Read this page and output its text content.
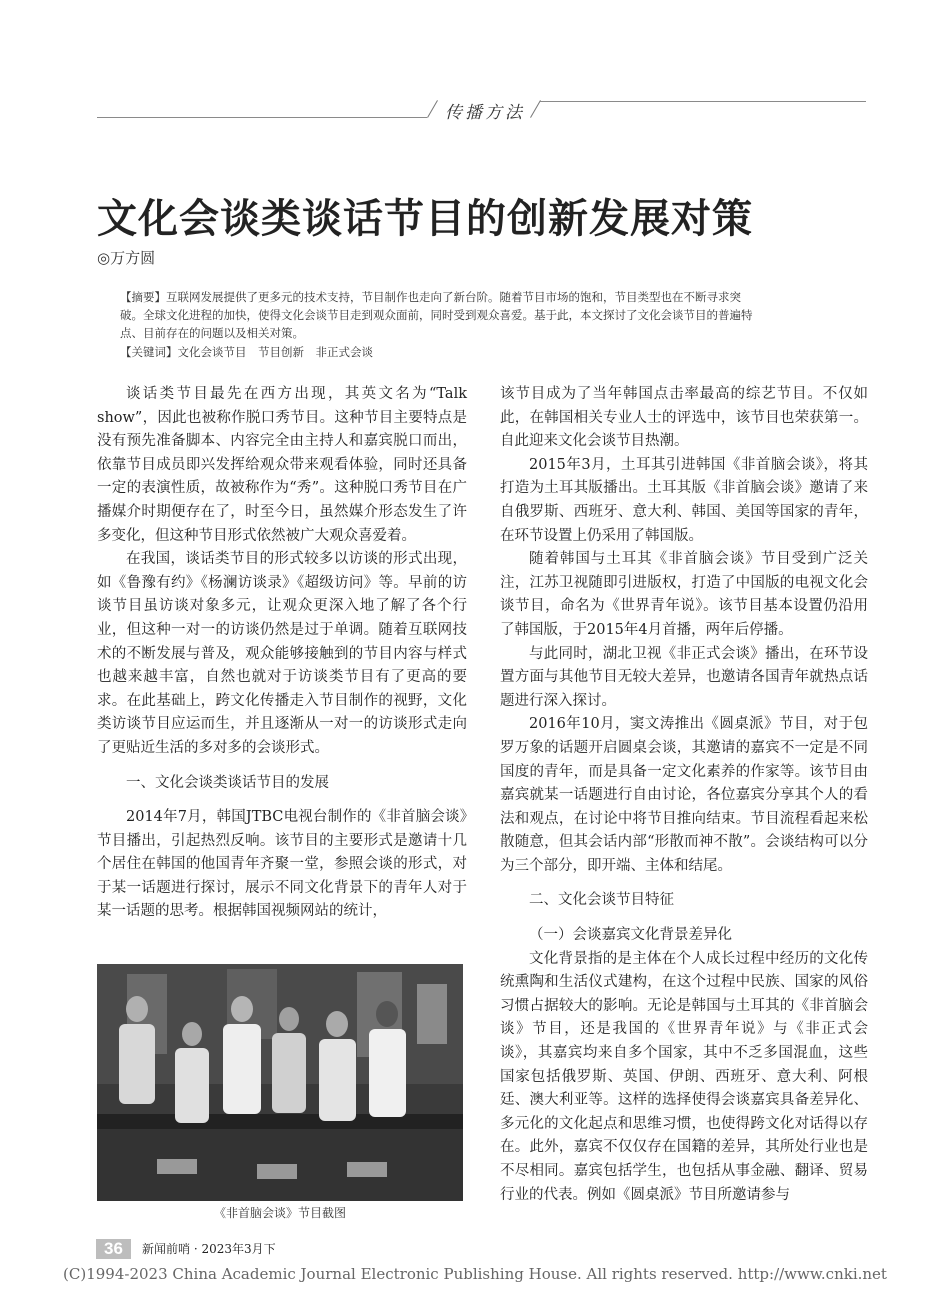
传播方法
文化会谈类谈话节目的创新发展对策
◎万方圆
【摘要】互联网发展提供了更多元的技术支持，节目制作也走向了新台阶。随着节目市场的饱和，节目类型也在不断寻求突破。全球文化进程的加快，使得文化会谈节目走到观众面前，同时受到观众喜爱。基于此，本文探讨了文化会谈节目的普遍特点、目前存在的问题以及相关对策。
【关键词】文化会谈节目　节目创新　非正式会谈

谈话类节目最先在西方出现，其英文名为“Talk show”，因此也被称作脱口秀节目。这种节目主要特点是没有预先准备脚本、内容完全由主持人和嘉宾脱口而出，依靠节目成员即兴发挥给观众带来观看体验，同时还具备一定的表演性质，故被称作为“秀”。这种脱口秀节目在广播媒介时期便存在了，时至今日，虽然媒介形态发生了许多变化，但这种节目形式依然被广大观众喜爱着。

在我国，谈话类节目的形式较多以访谈的形式出现，如《鲁豫有约》《杨澜访谈录》《超级访问》等。早前的访谈节目虽访谈对象多元，让观众更深入地了解了各个行业，但这种一对一的访谈仍然是过于单调。随着互联网技术的不断发展与普及，观众能够接触到的节目内容与样式也越来越丰富，自然也就对于访谈类节目有了更高的要求。在此基础上，跨文化传播走入节目制作的视野，文化类访谈节目应运而生，并且逐渐从一对一的访谈形式走向了更贴近生活的多对多的会谈形式。

一、文化会谈类谈话节目的发展

2014年7月，韩国JTBC电视台制作的《非首脑会谈》节目播出，引起热烈反响。该节目的主要形式是邀请十几个居住在韩国的他国青年齐聚一堂，参照会谈的形式，对于某一话题进行探讨，展示不同文化背景下的青年人对于某一话题的思考。根据韩国视频网站的统计，

《非首脑会谈》节目截图

该节目成为了当年韩国点击率最高的综艺节目。不仅如此，在韩国相关专业人士的评选中，该节目也荣获第一。自此迎来文化会谈节目热潮。

2015年3月，土耳其引进韩国《非首脑会谈》，将其打造为土耳其版播出。土耳其版《非首脑会谈》邀请了来自俄罗斯、西班牙、意大利、韩国、美国等国家的青年，在环节设置上仍采用了韩国版。

随着韩国与土耳其《非首脑会谈》节目受到广泛关注，江苏卫视随即引进版权，打造了中国版的电视文化会谈节目，命名为《世界青年说》。该节目基本设置仍沿用了韩国版，于2015年4月首播，两年后停播。

与此同时，湖北卫视《非正式会谈》播出，在环节设置方面与其他节目无较大差异，也邀请各国青年就热点话题进行深入探讨。

2016年10月，窦文涛推出《圆桌派》节目，对于包罗万象的话题开启圆桌会谈，其邀请的嘉宾不一定是不同国度的青年，而是具备一定文化素养的作家等。该节目由嘉宾就某一话题进行自由讨论，各位嘉宾分享其个人的看法和观点，在讨论中将节目推向结束。节目流程看起来松散随意，但其会话内部“形散而神不散”。会谈结构可以分为三个部分，即开端、主体和结尾。

二、文化会谈节目特征
（一）会谈嘉宾文化背景差异化

文化背景指的是主体在个人成长过程中经历的文化传统熏陶和生活仪式建构，在这个过程中民族、国家的风俗习惯占据较大的影响。无论是韩国与土耳其的《非首脑会谈》节目，还是我国的《世界青年说》与《非正式会谈》，其嘉宾均来自多个国家，其中不乏多国混血，这些国家包括俄罗斯、英国、伊朗、西班牙、意大利、阿根廷、澳大利亚等。这样的选择使得会谈嘉宾具备差异化、多元化的文化起点和思维习惯，也使得跨文化对话得以存在。此外，嘉宾不仅仅存在国籍的差异，其所处行业也是不尽相同。嘉宾包括学生，也包括从事金融、翻译、贸易行业的代表。例如《圆桌派》节目所邀请参与

36	新闻前哨 · 2023年3月下
(C)1994-2023 China Academic Journal Electronic Publishing House. All rights reserved. http://www.cnki.net
